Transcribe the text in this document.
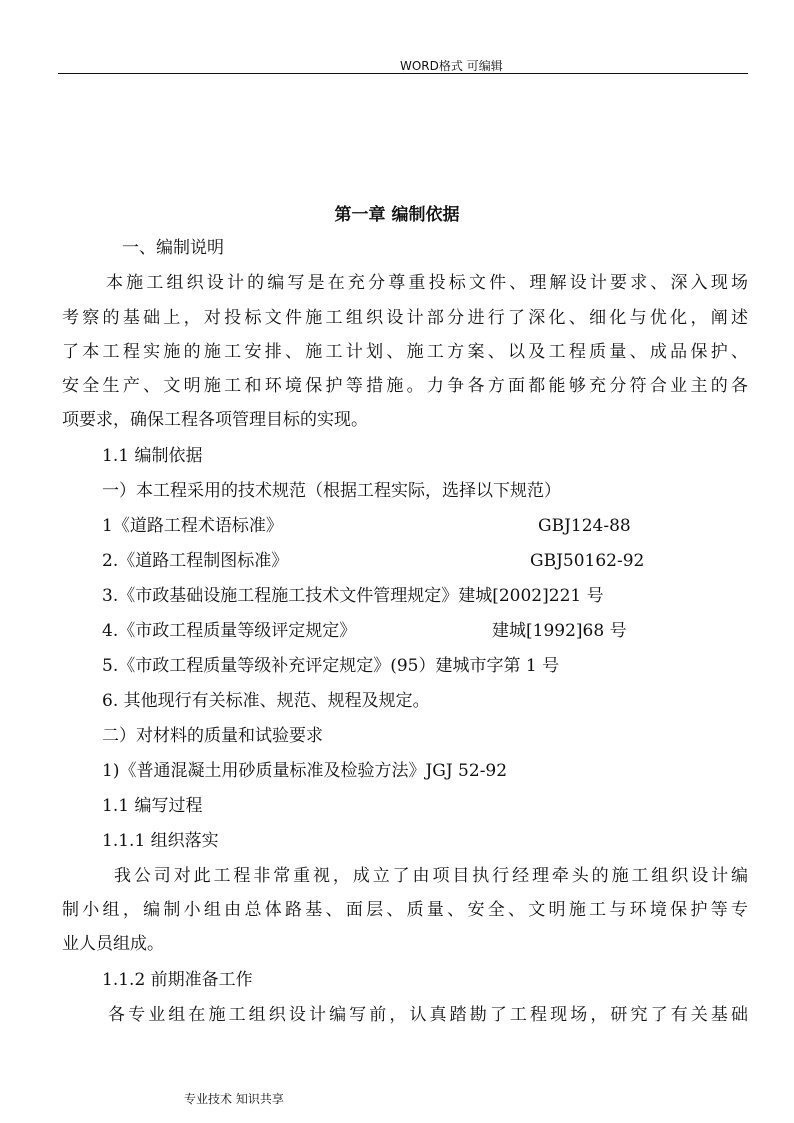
WORD格式 可编辑
第一章 编制依据
一、编制说明
本施工组织设计的编写是在充分尊重投标文件、理解设计要求、深入现场
考察的基础上，对投标文件施工组织设计部分进行了深化、细化与优化，阐述
了本工程实施的施工安排、施工计划、施工方案、以及工程质量、成品保护、
安全生产、文明施工和环境保护等措施。力争各方面都能够充分符合业主的各
项要求，确保工程各项管理目标的实现。
1.1 编制依据
一）本工程采用的技术规范（根据工程实际，选择以下规范）
1《道路工程术语标准》	GBJ124-88
2.《道路工程制图标准》	GBJ50162-92
3.《市政基础设施工程施工技术文件管理规定》建城[2002]221 号
4.《市政工程质量等级评定规定》	建城[1992]68 号
5.《市政工程质量等级补充评定规定》(95）建城市字第 1 号
6. 其他现行有关标准、规范、规程及规定。
二）对材料的质量和试验要求
1)《普通混凝土用砂质量标准及检验方法》JGJ 52-92
1.1 编写过程
1.1.1 组织落实
我公司对此工程非常重视，成立了由项目执行经理牵头的施工组织设计编
制小组，编制小组由总体路基、面层、质量、安全、文明施工与环境保护等专
业人员组成。
1.1.2 前期准备工作
各专业组在施工组织设计编写前，认真踏勘了工程现场，研究了有关基础
专业技术 知识共享
